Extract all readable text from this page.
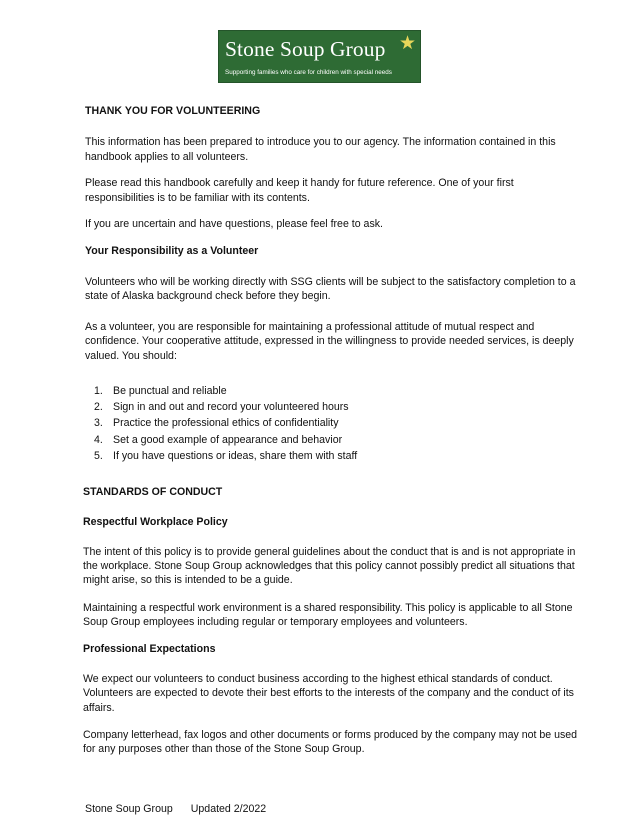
Stone Soup Group ★
Supporting families who care for children with special needs

THANK YOU FOR VOLUNTEERING

This information has been prepared to introduce you to our agency. The information contained in this handbook applies to all volunteers.

Please read this handbook carefully and keep it handy for future reference. One of your first responsibilities is to be familiar with its contents.

If you are uncertain and have questions, please feel free to ask.

Your Responsibility as a Volunteer

Volunteers who will be working directly with SSG clients will be subject to the satisfactory completion to a state of Alaska background check before they begin.

As a volunteer, you are responsible for maintaining a professional attitude of mutual respect and confidence. Your cooperative attitude, expressed in the willingness to provide needed services, is deeply valued. You should:

1. Be punctual and reliable
2. Sign in and out and record your volunteered hours
3. Practice the professional ethics of confidentiality
4. Set a good example of appearance and behavior
5. If you have questions or ideas, share them with staff

STANDARDS OF CONDUCT

Respectful Workplace Policy

The intent of this policy is to provide general guidelines about the conduct that is and is not appropriate in the workplace. Stone Soup Group acknowledges that this policy cannot possibly predict all situations that might arise, so this is intended to be a guide.

Maintaining a respectful work environment is a shared responsibility. This policy is applicable to all Stone Soup Group employees including regular or temporary employees and volunteers.

Professional Expectations

We expect our volunteers to conduct business according to the highest ethical standards of conduct. Volunteers are expected to devote their best efforts to the interests of the company and the conduct of its affairs.

Company letterhead, fax logos and other documents or forms produced by the company may not be used for any purposes other than those of the Stone Soup Group.

Stone Soup Group Updated 2/2022
